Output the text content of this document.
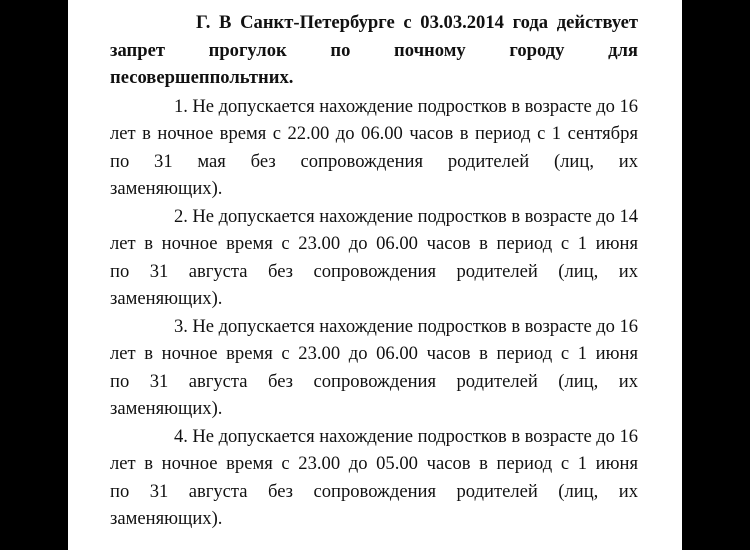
Г. В Санкт-Петербурге с 03.03.2014 года действует
запрет прогулок по почному городу для
песовершеппольтних.
1. Не допускается нахождение подростков в возрасте до 16
лет в ночное время с 22.00 до 06.00 часов в период с 1 сентября
по 31 мая без сопровождения родителей (лиц, их
заменяющих).
2. Не допускается нахождение подростков в возрасте до 14
лет в ночное время с 23.00 до 06.00 часов в период с 1 июня
по 31 августа без сопровождения родителей (лиц, их
заменяющих).
3. Не допускается нахождение подростков в возрасте до 16
лет в ночное время с 23.00 до 06.00 часов в период с 1 июня
по 31 августа без сопровождения родителей (лиц, их
заменяющих).
4. Не допускается нахождение подростков в возрасте до 16
лет в ночное время с 23.00 до 05.00 часов в период с 1 июня
по 31 августа без сопровождения родителей (лиц, их
заменяющих).
